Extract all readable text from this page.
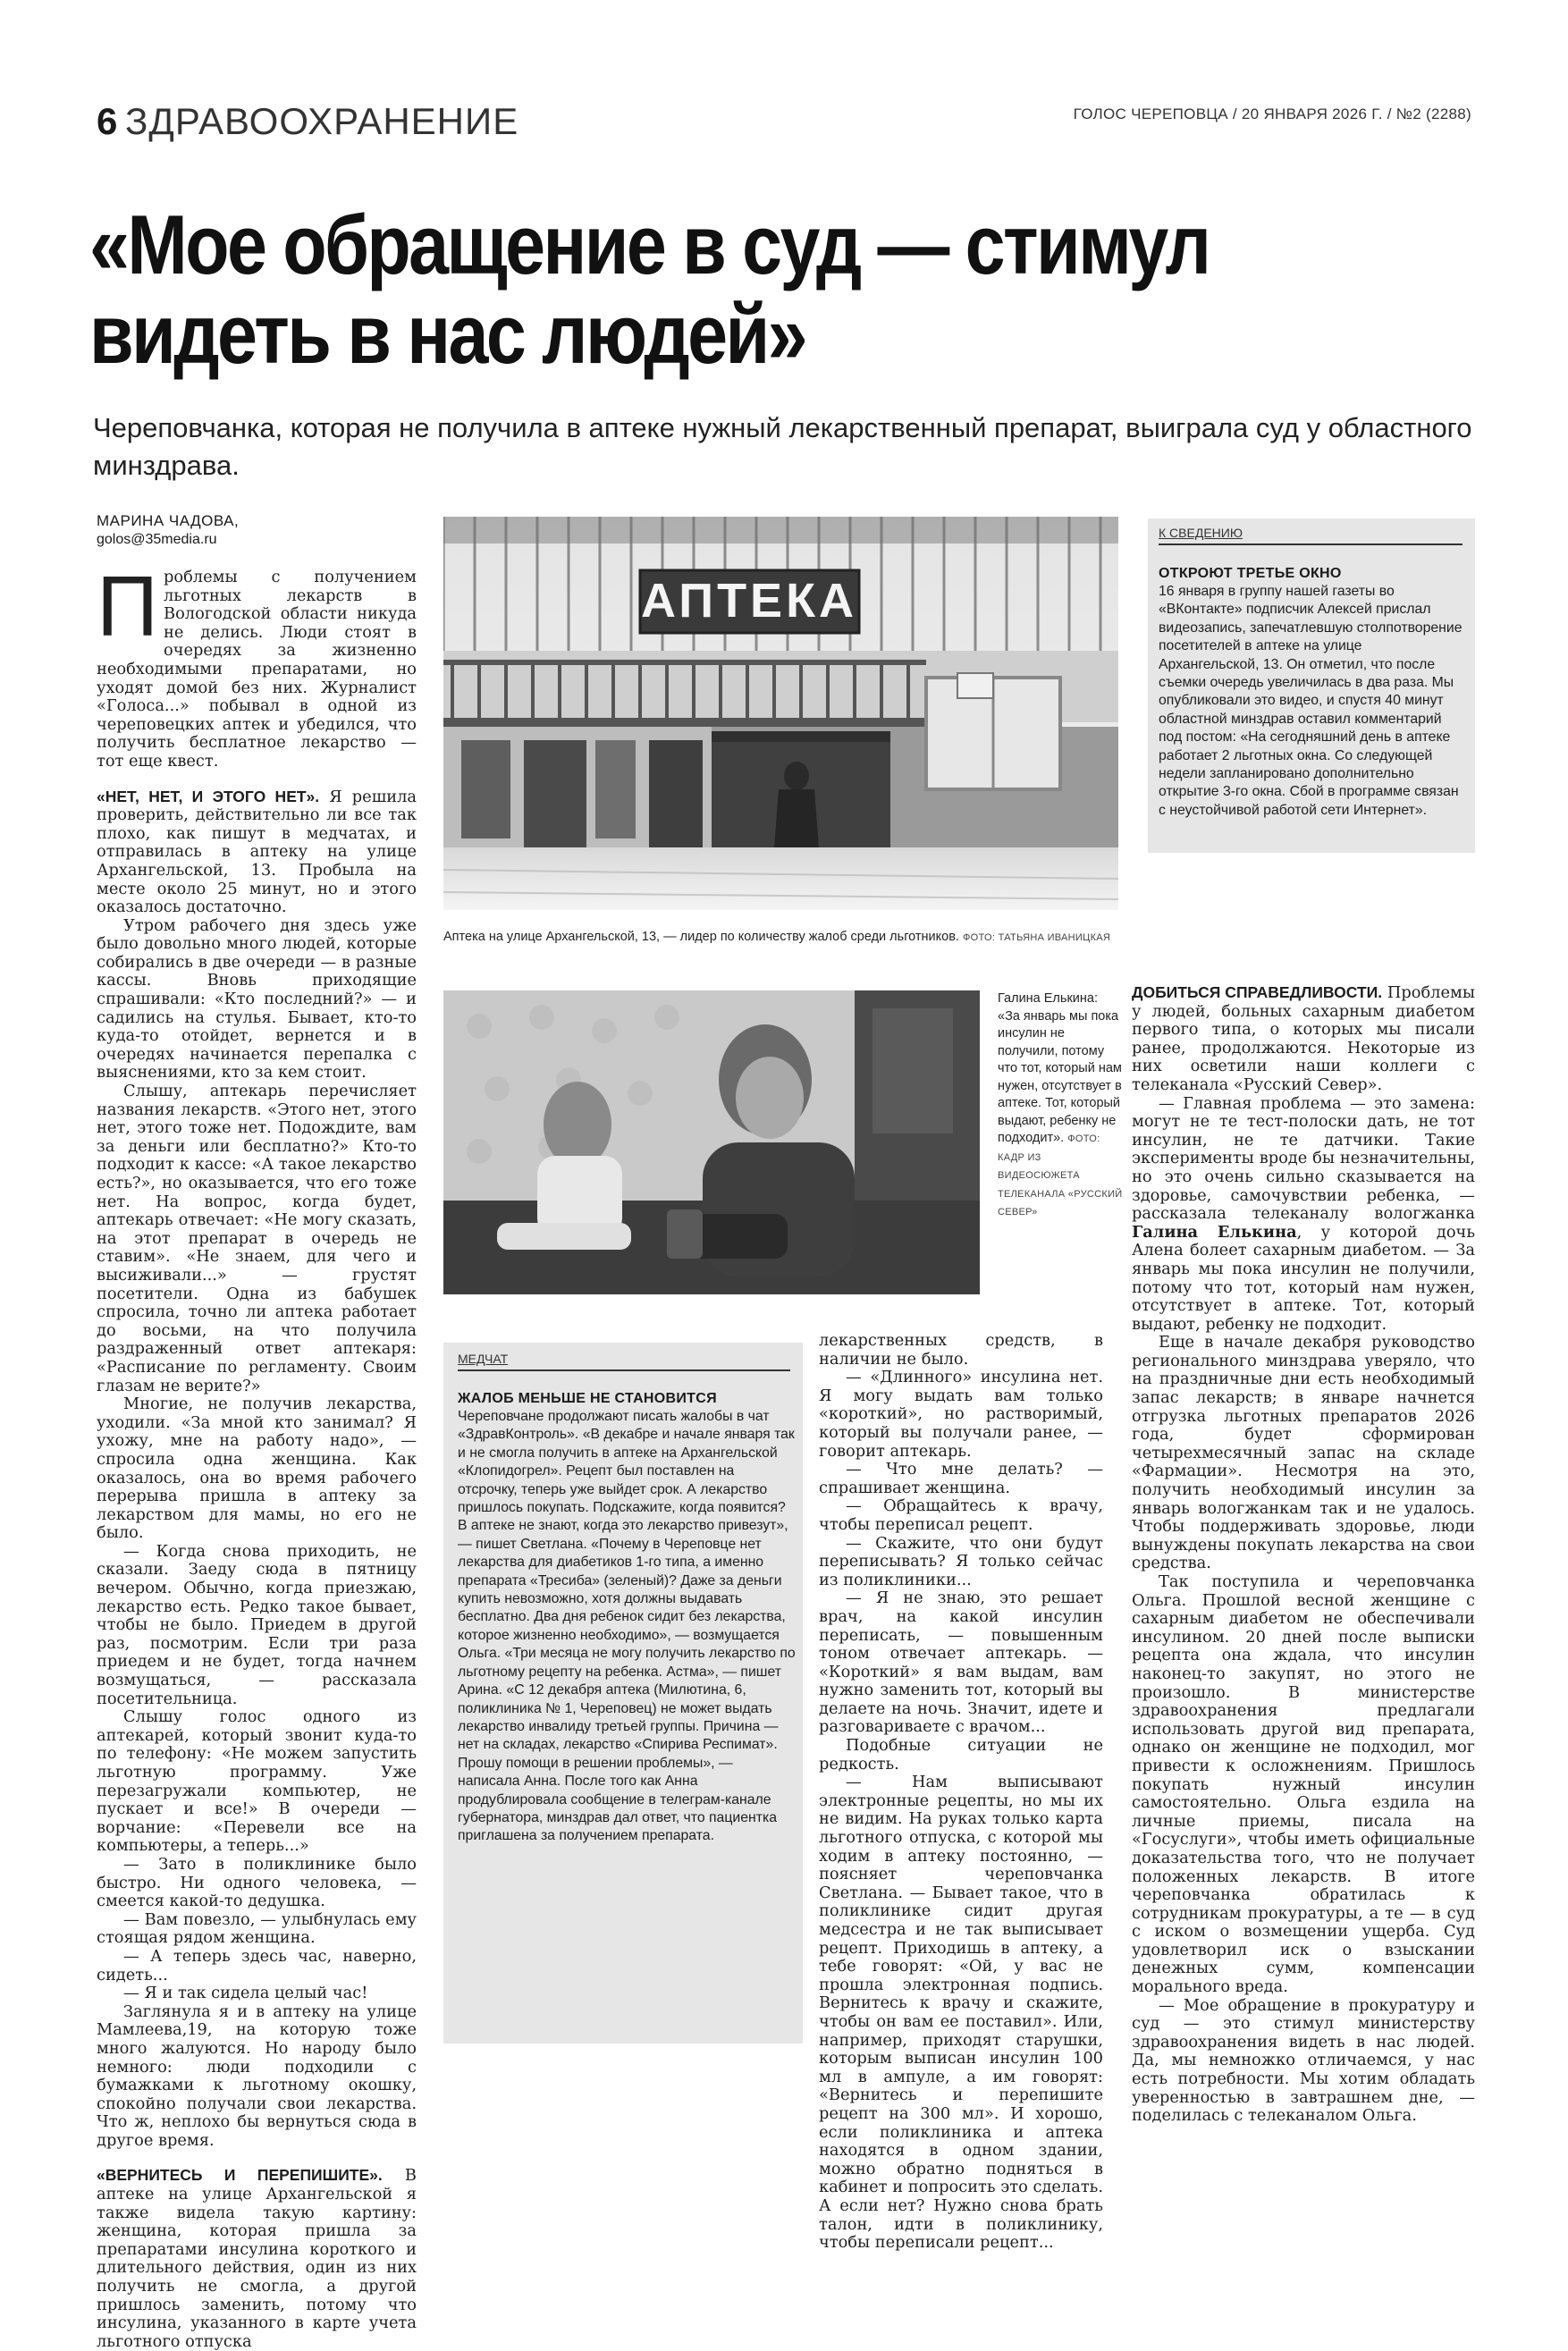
6 ЗДРАВООХРАНЕНИЕ	ГОЛОС ЧЕРЕПОВЦА / 20 ЯНВАРЯ 2026 Г. / №2 (2288)
«Мое обращение в суд — стимул
видеть в нас людей»
Череповчанка, которая не получила в аптеке нужный лекарственный препарат, выиграла суд у областного минздрава.
МАРИНА ЧАДОВА,
golos@35media.ru

Проблемы с получением льготных лекарств в Вологодской области никуда не делись. Люди стоят в очередях за жизненно необходимыми препаратами, но уходят домой без них. Журналист «Голоса...» побывал в одной из череповецких аптек и убедился, что получить бесплатное лекарство — тот еще квест.

«НЕТ, НЕТ, И ЭТОГО НЕТ». Я решила проверить, действительно ли все так плохо, как пишут в медчатах, и отправилась в аптеку на улице Архангельской, 13. Пробыла на месте около 25 минут, но и этого оказалось достаточно.

Утром рабочего дня здесь уже было довольно много людей, которые собирались в две очереди — в разные кассы. Вновь приходящие спрашивали: «Кто последний?» — и садились на стулья. Бывает, кто-то куда-то отойдет, вернется и в очередях начинается перепалка с выяснениями, кто за кем стоит.

Слышу, аптекарь перечисляет названия лекарств. «Этого нет, этого нет, этого тоже нет. Подождите, вам за деньги или бесплатно?» Кто-то подходит к кассе: «А такое лекарство есть?», но оказывается, что его тоже нет. На вопрос, когда будет, аптекарь отвечает: «Не могу сказать, на этот препарат в очередь не ставим». «Не знаем, для чего и высиживали...» — грустят посетители. Одна из бабушек спросила, точно ли аптека работает до восьми, на что получила раздраженный ответ аптекаря: «Расписание по регламенту. Своим глазам не верите?»

Многие, не получив лекарства, уходили. «За мной кто занимал? Я ухожу, мне на работу надо», — спросила одна женщина. Как оказалось, она во время рабочего перерыва пришла в аптеку за лекарством для мамы, но его не было.

— Когда снова приходить, не сказали. Заеду сюда в пятницу вечером. Обычно, когда приезжаю, лекарство есть. Редко такое бывает, чтобы не было. Приедем в другой раз, посмотрим. Если три раза приедем и не будет, тогда начнем возмущаться, — рассказала посетительница.

Слышу голос одного из аптекарей, который звонит куда-то по телефону: «Не можем запустить льготную программу. Уже перезагружали компьютер, не пускает и все!» В очереди — ворчание: «Перевели все на компьютеры, а теперь...»

— Зато в поликлинике было быстро. Ни одного человека, — смеется какой-то дедушка.

— Вам повезло, — улыбнулась ему стоящая рядом женщина.

— А теперь здесь час, наверно, сидеть...

— Я и так сидела целый час!

Заглянула я и в аптеку на улице Мамлеева,19, на которую тоже много жалуются. Но народу было немного: люди подходили с бумажками к льготному окошку, спокойно получали свои лекарства. Что ж, неплохо бы вернуться сюда в другое время.

«ВЕРНИТЕСЬ И ПЕРЕПИШИТЕ». В аптеке на улице Архангельской я также видела такую картину: женщина, которая пришла за препаратами инсулина короткого и длительного действия, один из них получить не смогла, а другой пришлось заменить, потому что инсулина, указанного в карте учета льготного отпуска

АПТЕКА
Аптека на улице Архангельской, 13, — лидер по количеству жалоб среди льготников. ФОТО: ТАТЬЯНА ИВАНИЦКАЯ
К СВЕДЕНИЮ
ОТКРОЮТ ТРЕТЬЕ ОКНО
16 января в группу нашей газеты во «ВКонтакте» подписчик Алексей прислал видеозапись, запечатлевшую столпотворение посетителей в аптеке на улице Архангельской, 13. Он отметил, что после съемки очередь увеличилась в два раза. Мы опубликовали это видео, и спустя 40 минут областной минздрав оставил комментарий под постом: «На сегодняшний день в аптеке работает 2 льготных окна. Со следующей недели запланировано дополнительно открытие 3-го окна. Сбой в программе связан с неустойчивой работой сети Интернет».
Галина Елькина: «За январь мы пока инсулин не получили, потому что тот, который нам нужен, отсутствует в аптеке. Тот, который выдают, ребенку не подходит». ФОТО: КАДР ИЗ ВИДЕОСЮЖЕТА ТЕЛЕКАНАЛА «РУССКИЙ СЕВЕР»
МЕДЧАТ
ЖАЛОБ МЕНЬШЕ НЕ СТАНОВИТСЯ
Череповчане продолжают писать жалобы в чат «ЗдравКонтроль». «В декабре и начале января так и не смогла получить в аптеке на Архангельской «Клопидогрел». Рецепт был поставлен на отсрочку, теперь уже выйдет срок. А лекарство пришлось покупать. Подскажите, когда появится? В аптеке не знают, когда это лекарство привезут», — пишет Светлана. «Почему в Череповце нет лекарства для диабетиков 1-го типа, а именно препарата «Тресиба» (зеленый)? Даже за деньги купить невозможно, хотя должны выдавать бесплатно. Два дня ребенок сидит без лекарства, которое жизненно необходимо», — возмущается Ольга. «Три месяца не могу получить лекарство по льготному рецепту на ребенка. Астма», — пишет Арина. «С 12 декабря аптека (Милютина, 6, поликлиника № 1, Череповец) не может выдать лекарство инвалиду третьей группы. Причина — нет на складах, лекарство «Спирива Респимат». Прошу помощи в решении проблемы», — написала Анна. После того как Анна продублировала сообщение в телеграм-канале губернатора, минздрав дал ответ, что пациентка приглашена за получением препарата.

лекарственных средств, в наличии не было.

— «Длинного» инсулина нет. Я могу выдать вам только «короткий», но растворимый, который вы получали ранее, — говорит аптекарь.

— Что мне делать? — спрашивает женщина.

— Обращайтесь к врачу, чтобы переписал рецепт.

— Скажите, что они будут переписывать? Я только сейчас из поликлиники...

— Я не знаю, это решает врач, на какой инсулин переписать, — повышенным тоном отвечает аптекарь. — «Короткий» я вам выдам, вам нужно заменить тот, который вы делаете на ночь. Значит, идете и разговариваете с врачом...

Подобные ситуации не редкость.

— Нам выписывают электронные рецепты, но мы их не видим. На руках только карта льготного отпуска, с которой мы ходим в аптеку постоянно, — поясняет череповчанка Светлана. — Бывает такое, что в поликлинике сидит другая медсестра и не так выписывает рецепт. Приходишь в аптеку, а тебе говорят: «Ой, у вас не прошла электронная подпись. Вернитесь к врачу и скажите, чтобы он вам ее поставил». Или, например, приходят старушки, которым выписан инсулин 100 мл в ампуле, а им говорят: «Вернитесь и перепишите рецепт на 300 мл». И хорошо, если поликлиника и аптека находятся в одном здании, можно обратно подняться в кабинет и попросить это сделать. А если нет? Нужно снова брать талон, идти в поликлинику, чтобы переписали рецепт...

ДОБИТЬСЯ СПРАВЕДЛИВОСТИ. Проблемы у людей, больных сахарным диабетом первого типа, о которых мы писали ранее, продолжаются. Некоторые из них осветили наши коллеги с телеканала «Русский Север».

— Главная проблема — это замена: могут не те тест-полоски дать, не тот инсулин, не те датчики. Такие эксперименты вроде бы незначительны, но это очень сильно сказывается на здоровье, самочувствии ребенка, — рассказала телеканалу вологжанка Галина Елькина, у которой дочь Алена болеет сахарным диабетом. — За январь мы пока инсулин не получили, потому что тот, который нам нужен, отсутствует в аптеке. Тот, который выдают, ребенку не подходит.

Еще в начале декабря руководство регионального минздрава уверяло, что на праздничные дни есть необходимый запас лекарств; в январе начнется отгрузка льготных препаратов 2026 года, будет сформирован четырехмесячный запас на складе «Фармации». Несмотря на это, получить необходимый инсулин за январь вологжанкам так и не удалось. Чтобы поддерживать здоровье, люди вынуждены покупать лекарства на свои средства.

Так поступила и череповчанка Ольга. Прошлой весной женщине с сахарным диабетом не обеспечивали инсулином. 20 дней после выписки рецепта она ждала, что инсулин наконец-то закупят, но этого не произошло. В министерстве здравоохранения предлагали использовать другой вид препарата, однако он женщине не подходил, мог привести к осложнениям. Пришлось покупать нужный инсулин самостоятельно. Ольга ездила на личные приемы, писала на «Госуслуги», чтобы иметь официальные доказательства того, что не получает положенных лекарств. В итоге череповчанка обратилась к сотрудникам прокуратуры, а те — в суд с иском о возмещении ущерба. Суд удовлетворил иск о взыскании денежных сумм, компенсации морального вреда.

— Мое обращение в прокуратуру и суд — это стимул министерству здравоохранения видеть в нас людей. Да, мы немножко отличаемся, у нас есть потребности. Мы хотим обладать уверенностью в завтрашнем дне, — поделилась с телеканалом Ольга.
